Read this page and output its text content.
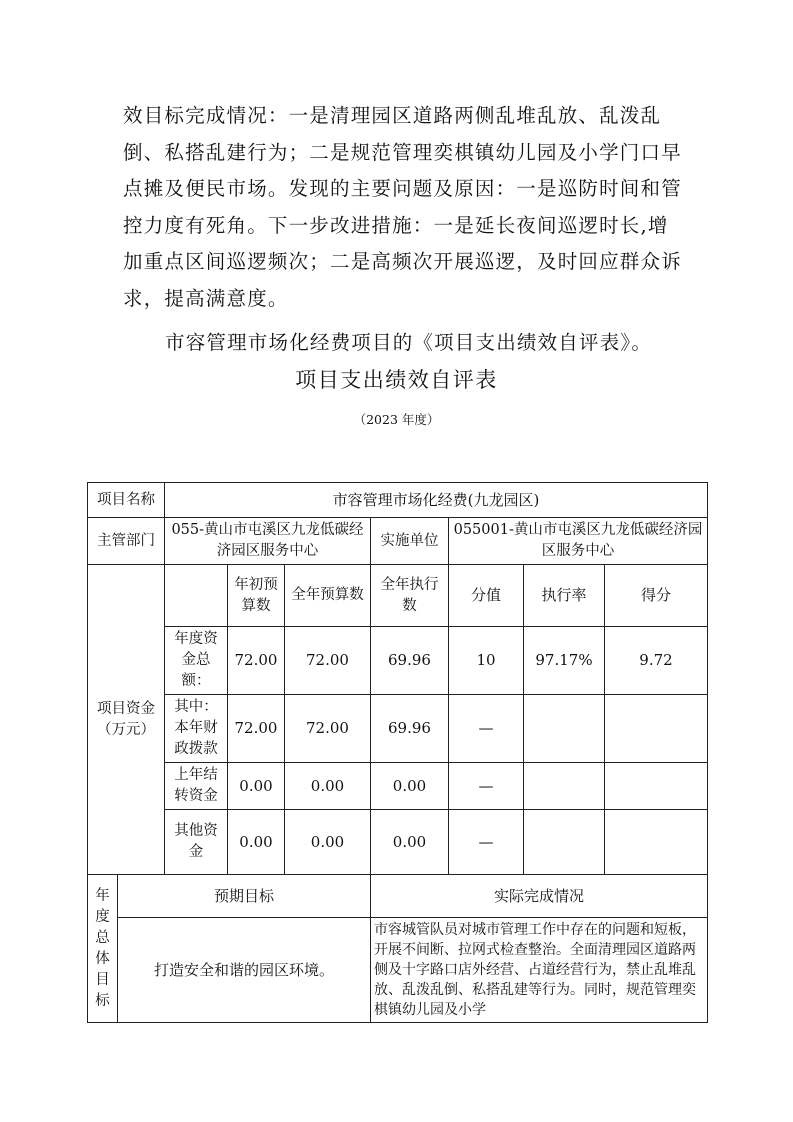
效目标完成情况：一是清理园区道路两侧乱堆乱放、乱泼乱倒、私搭乱建行为；二是规范管理奕棋镇幼儿园及小学门口早点摊及便民市场。发现的主要问题及原因：一是巡防时间和管控力度有死角。下一步改进措施：一是延长夜间巡逻时长,增加重点区间巡逻频次；二是高频次开展巡逻，及时回应群众诉求，提高满意度。

市容管理市场化经费项目的《项目支出绩效自评表》。

项目支出绩效自评表
（2023 年度）
项目名称		市容管理市场化经费(九龙园区)						
主管部门		055-黄山市屯溪区九龙低碳经济园区服务中心			实施单位	055001-黄山市屯溪区九龙低碳经济园区服务中心		
项目资金（万元）			年初预算数	全年预算数	全年执行数	分值	执行率	得分
		年度资金总额：	72.00	72.00	69.96	10	97.17%	9.72
		其中：本年财政拨款	72.00	72.00	69.96	—		
		上年结转资金	0.00	0.00	0.00	—		
		其他资金	0.00	0.00	0.00	—		
年度总体目标	预期目标				实际完成情况			
	打造安全和谐的园区环境。				市容城管队员对城市管理工作中存在的问题和短板，开展不间断、拉网式检查整治。全面清理园区道路两侧及十字路口店外经营、占道经营行为，禁止乱堆乱放、乱泼乱倒、私搭乱建等行为。同时，规范管理奕棋镇幼儿园及小学			
